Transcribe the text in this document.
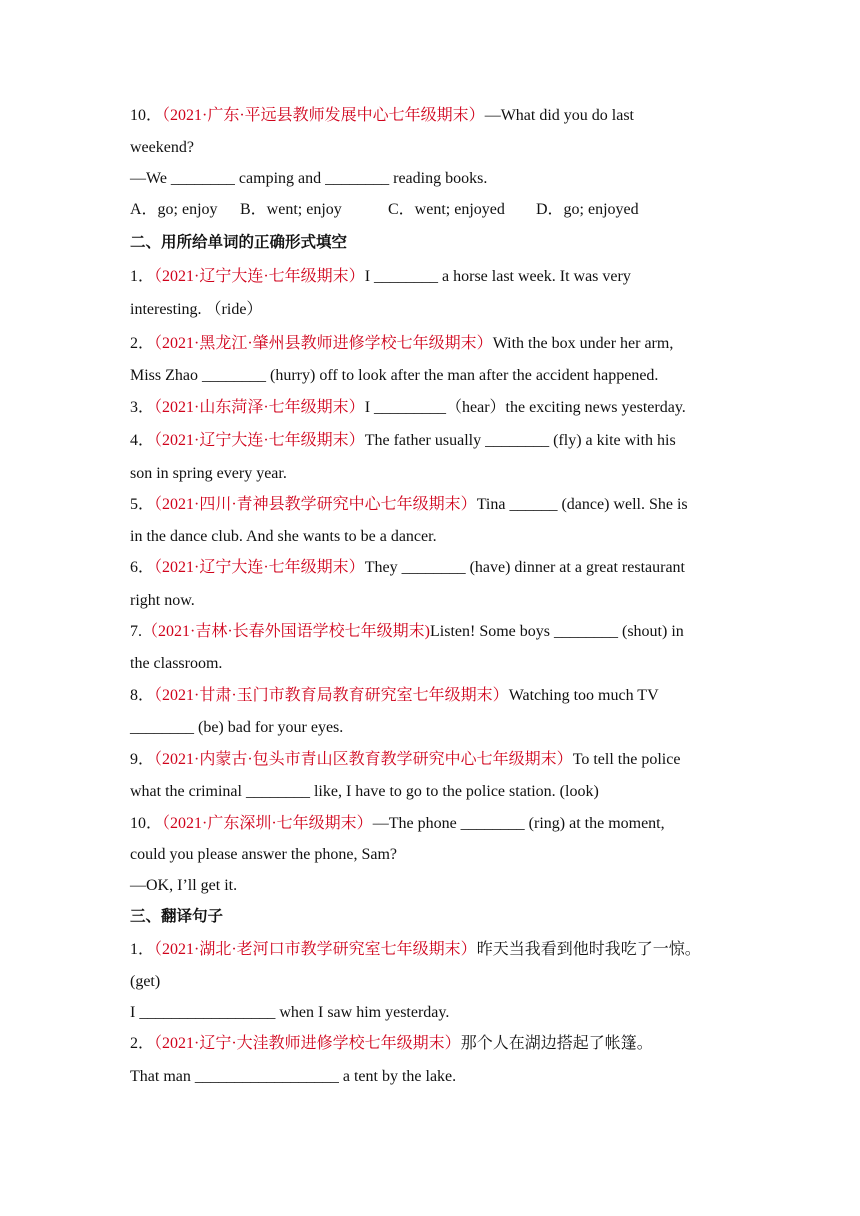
10．（2021·广东·平远县教师发展中心七年级期末）—What did you do last
weekend?
—We ________ camping and ________ reading books.
A．go; enjoy B．went; enjoy	C．went; enjoyed D．go; enjoyed
二、用所给单词的正确形式填空
1．（2021·辽宁大连·七年级期末）I ________ a horse last week. It was very
interesting. （ride）
2．（2021·黑龙江·肇州县教师进修学校七年级期末）With the box under her arm,
Miss Zhao ________ (hurry) off to look after the man after the accident happened.
3．（2021·山东菏泽·七年级期末）I _________（hear）the exciting news yesterday.
4．（2021·辽宁大连·七年级期末）The father usually ________ (fly) a kite with his
son in spring every year.
5．（2021·四川·青神县教学研究中心七年级期末）Tina ______ (dance) well. She is
in the dance club. And she wants to be a dancer.
6．（2021·辽宁大连·七年级期末）They ________ (have) dinner at a great restaurant
right now.
7.（2021·吉林·长春外国语学校七年级期末)Listen! Some boys ________ (shout) in
the classroom.
8．（2021·甘肃·玉门市教育局教育研究室七年级期末）Watching too much TV
________ (be) bad for your eyes.
9．（2021·内蒙古·包头市青山区教育教学研究中心七年级期末）To tell the police
what the criminal ________ like, I have to go to the police station. (look)
10．（2021·广东深圳·七年级期末）—The phone ________ (ring) at the moment,
could you please answer the phone, Sam?
—OK, I’ll get it.
三、翻译句子
1．（2021·湖北·老河口市教学研究室七年级期末）昨天当我看到他时我吃了一惊。
(get)
I _________________ when I saw him yesterday.
2．（2021·辽宁·大洼教师进修学校七年级期末）那个人在湖边搭起了帐篷。
That man __________________ a tent by the lake.
